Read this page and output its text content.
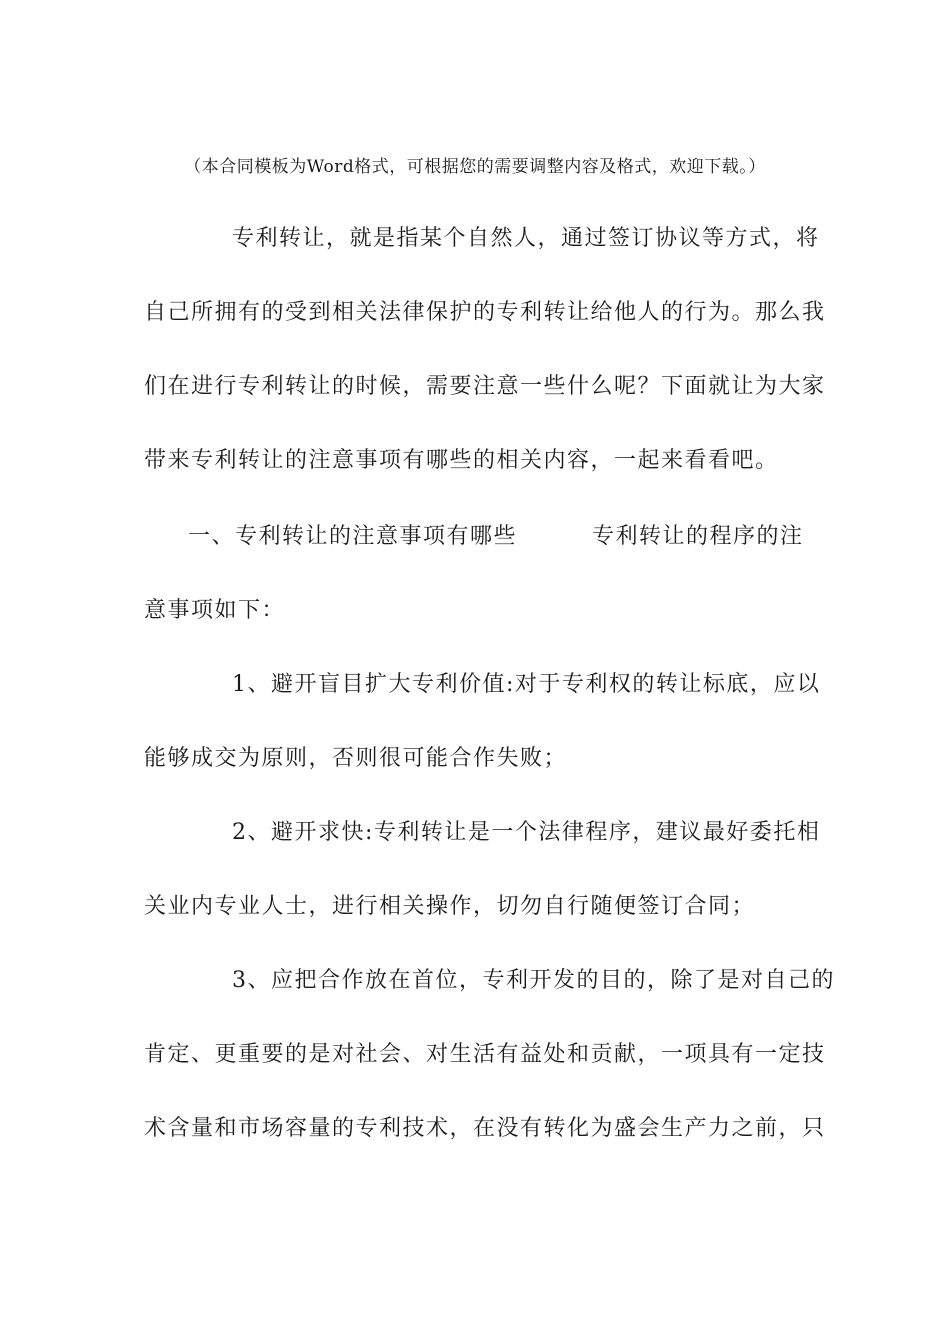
（本合同模板为Word格式，可根据您的需要调整内容及格式，欢迎下载。）
专利转让，就是指某个自然人，通过签订协议等方式，将
自己所拥有的受到相关法律保护的专利转让给他人的行为。那么我
们在进行专利转让的时候，需要注意一些什么呢？下面就让为大家
带来专利转让的注意事项有哪些的相关内容，一起来看看吧。
一、专利转让的注意事项有哪些	专利转让的程序的注
意事项如下：
1、避开盲目扩大专利价值:对于专利权的转让标底，应以
能够成交为原则，否则很可能合作失败；
2、避开求快:专利转让是一个法律程序，建议最好委托相
关业内专业人士，进行相关操作，切勿自行随便签订合同；
3、应把合作放在首位，专利开发的目的，除了是对自己的
肯定、更重要的是对社会、对生活有益处和贡献，一项具有一定技
术含量和市场容量的专利技术，在没有转化为盛会生产力之前，只
